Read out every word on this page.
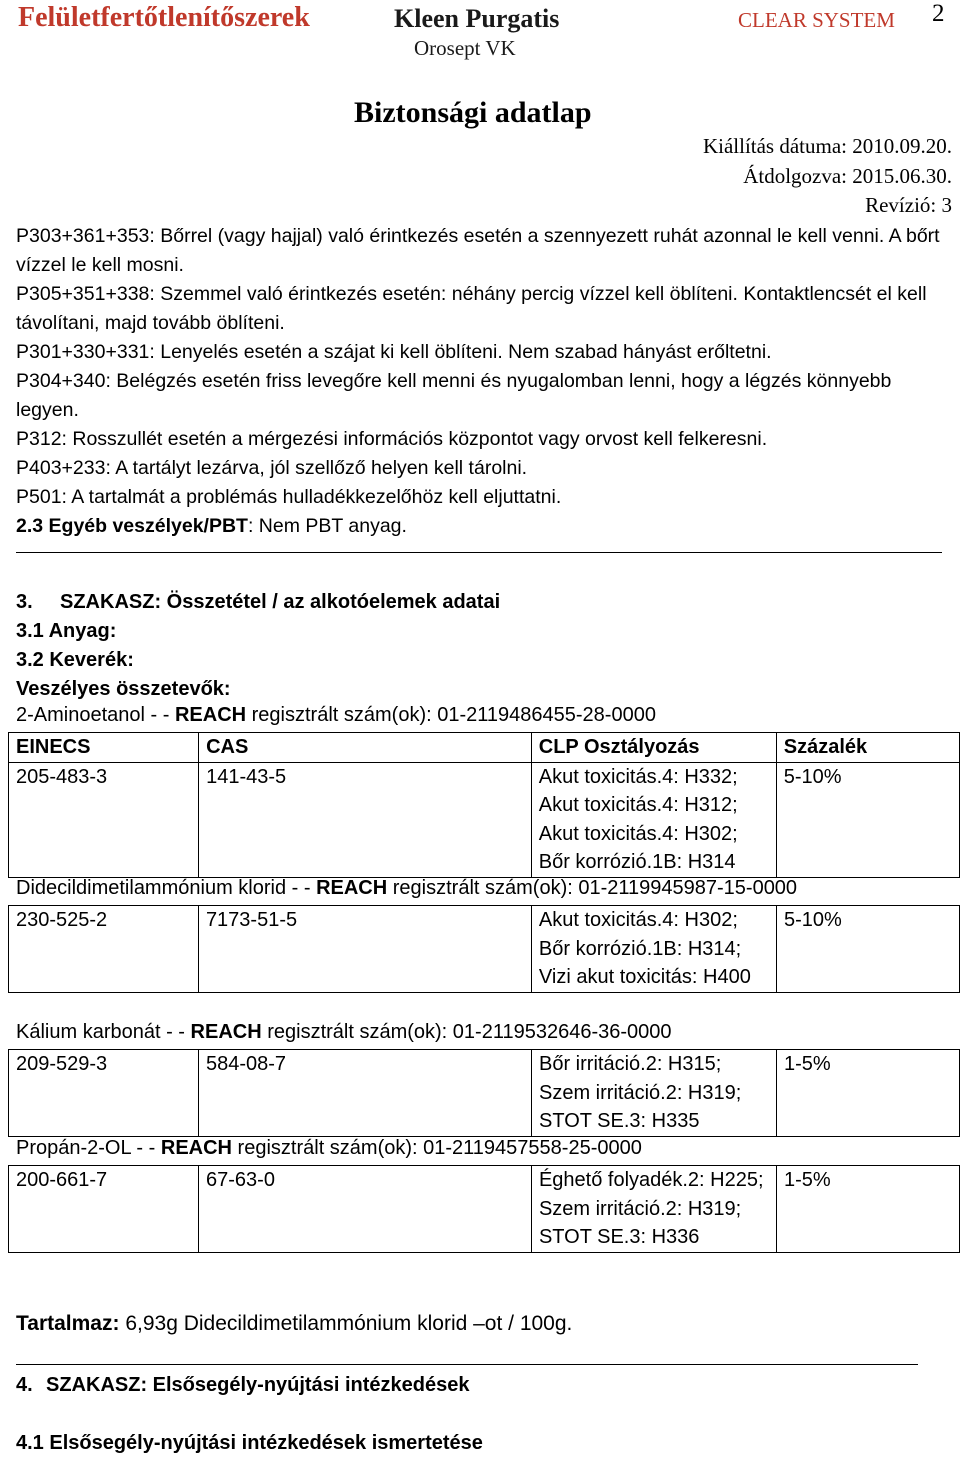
Felületfertőtlenítőszerek	Kleen Purgatis
Orosept VK
CLEAR SYSTEM 2
Biztonsági adatlap
Kiállítás dátuma: 2010.09.20.
Átdolgozva: 2015.06.30.
Revízió: 3

P303+361+353: Bőrrel (vagy hajjal) való érintkezés esetén a szennyezett ruhát azonnal le kell venni. A bőrt vízzel le kell mosni.

P305+351+338: Szemmel való érintkezés esetén: néhány percig vízzel kell öblíteni. Kontaktlencsét el kell távolítani, majd tovább öblíteni.

P301+330+331: Lenyelés esetén a szájat ki kell öblíteni. Nem szabad hányást erőltetni.

P304+340: Belégzés esetén friss levegőre kell menni és nyugalomban lenni, hogy a légzés könnyebb legyen.

P312: Rosszullét esetén a mérgezési információs központot vagy orvost kell felkeresni.

P403+233: A tartályt lezárva, jól szellőző helyen kell tárolni.

P501: A tartalmát a problémás hulladékkezelőhöz kell eljuttatni.

2.3 Egyéb veszélyek/PBT: Nem PBT anyag.

3. SZAKASZ: Összetétel / az alkotóelemek adatai
3.1 Anyag:
3.2 Keverék:
Veszélyes összetevők:
2-Aminoetanol - - REACH regisztrált szám(ok): 01-2119486455-28-0000
EINECS	CAS	CLP Osztályozás	Százalék
205-483-3	141-43-5	Akut toxicitás.4: H332; Akut toxicitás.4: H312; Akut toxicitás.4: H302; Bőr korrózió.1B: H314	5-10%
Didecildimetilammónium klorid - - REACH regisztrált szám(ok): 01-2119945987-15-0000
230-525-2	7173-51-5	Akut toxicitás.4: H302; Bőr korrózió.1B: H314; Vizi akut toxicitás: H400	5-10%
Kálium karbonát - - REACH regisztrált szám(ok): 01-2119532646-36-0000
209-529-3	584-08-7	Bőr irritáció.2: H315; Szem irritáció.2: H319; STOT SE.3: H335	1-5%
Propán-2-OL - - REACH regisztrált szám(ok): 01-2119457558-25-0000
200-661-7	67-63-0	Éghető folyadék.2: H225; Szem irritáció.2: H319; STOT SE.3: H336	1-5%
Tartalmaz: 6,93g Didecildimetilammónium klorid –ot / 100g.
4. SZAKASZ: Elsősegély-nyújtási intézkedések
4.1 Elsősegély-nyújtási intézkedések ismertetése
